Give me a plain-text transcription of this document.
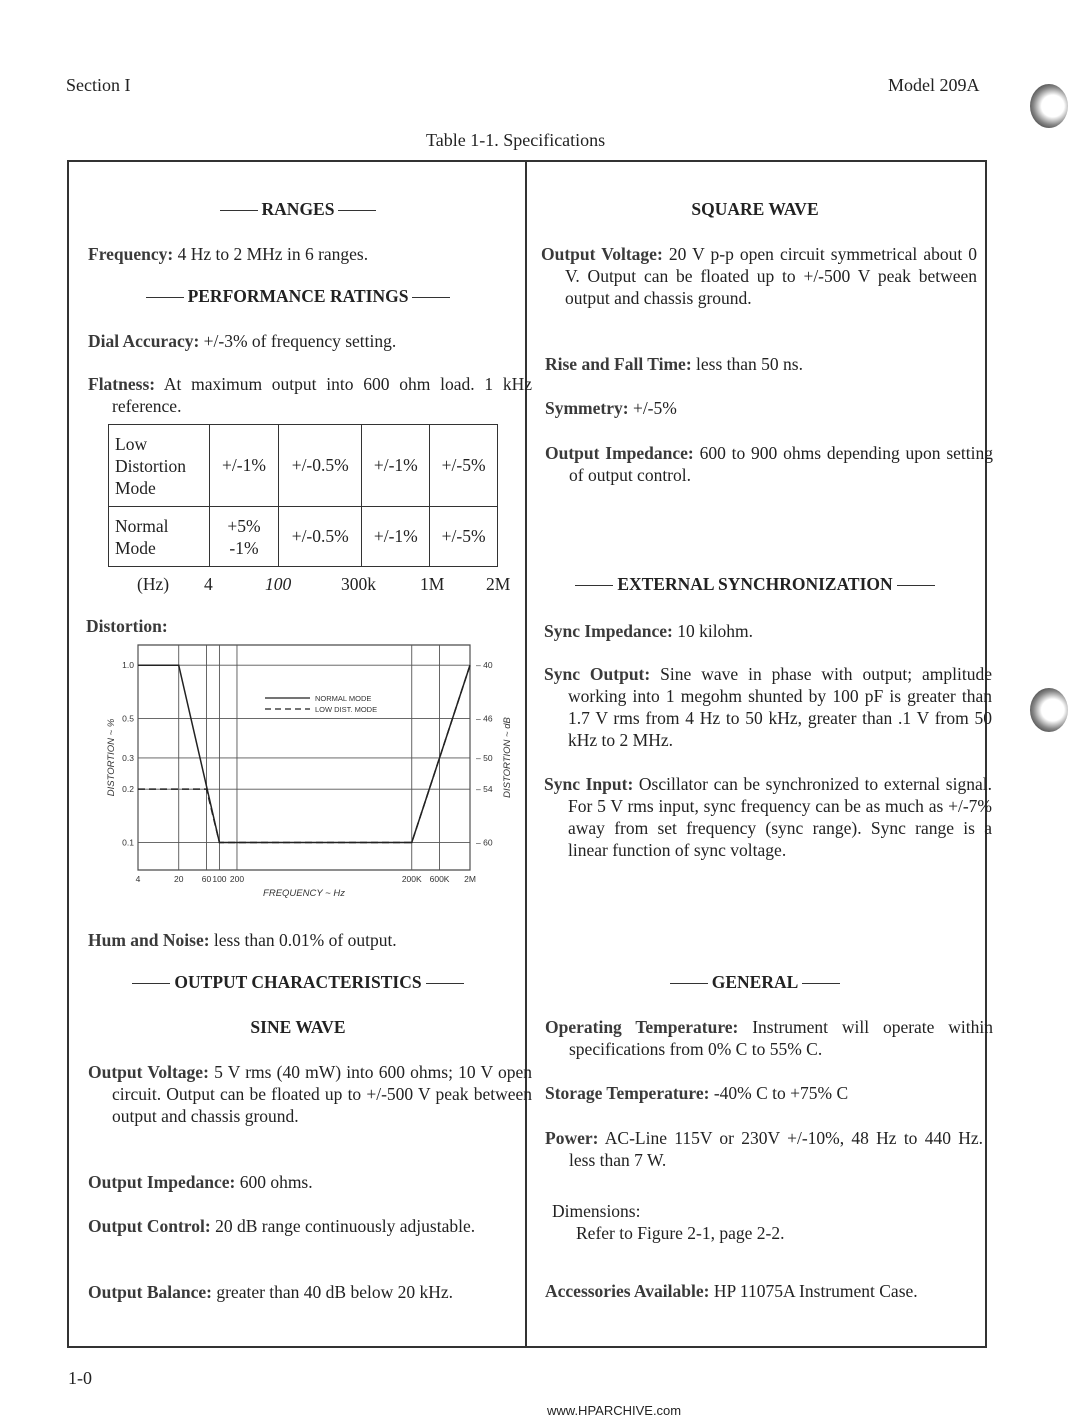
Section I	Model 209A
Table 1-1. Specifications
RANGES
Frequency: 4 Hz to 2 MHz in 6 ranges.
PERFORMANCE RATINGS
Dial Accuracy: +/-3% of frequency setting.
Flatness: At maximum output into 600 ohm load. 1 kHz reference.
Low Distortion Mode	+/-1%	+/-0.5%	+/-1%	+/-5%
Normal Mode	+5% -1%	+/-0.5%	+/-1%	+/-5%
(Hz) 4	100	300k	1M 2M
Distortion:
4	20 60 100 200	200K 600K 2M
1.0
0.5
0.3
0.2
0.1
– 40
– 46
– 50
– 54
– 60
FREQUENCY ~ Hz
DISTORTION ~ %	DISTORTION ~ dB
NORMAL MODE
LOW DIST. MODE
Hum and Noise: less than 0.01% of output.
OUTPUT CHARACTERISTICS
SINE WAVE
Output Voltage: 5 V rms (40 mW) into 600 ohms; 10 V open circuit. Output can be floated up to +/-500 V peak between output and chassis ground.
Output Impedance: 600 ohms.
Output Control: 20 dB range continuously adjustable.
Output Balance: greater than 40 dB below 20 kHz.
SQUARE WAVE
Output Voltage: 20 V p-p open circuit symmetrical about 0 V. Output can be floated up to +/-500 V peak between output and chassis ground.
Rise and Fall Time: less than 50 ns.
Symmetry: +/-5%
Output Impedance: 600 to 900 ohms depending upon setting of output control.
EXTERNAL SYNCHRONIZATION
Sync Impedance: 10 kilohm.
Sync Output: Sine wave in phase with output; amplitude working into 1 megohm shunted by 100 pF is greater than 1.7 V rms from 4 Hz to 50 kHz, greater than .1 V from 50 kHz to 2 MHz.
Sync Input: Oscillator can be synchronized to external signal. For 5 V rms input, sync frequency can be as much as +/-7% away from set frequency (sync range). Sync range is a linear function of sync voltage.
GENERAL
Operating Temperature: Instrument will operate within specifications from 0% C to 55% C.
Storage Temperature: -40% C to +75% C
Power: AC-Line 115V or 230V +/-10%, 48 Hz to 440 Hz. less than 7 W.
Dimensions:
Refer to Figure 2-1, page 2-2.
Accessories Available: HP 11075A Instrument Case.
1-0
www.HPARCHIVE.com
